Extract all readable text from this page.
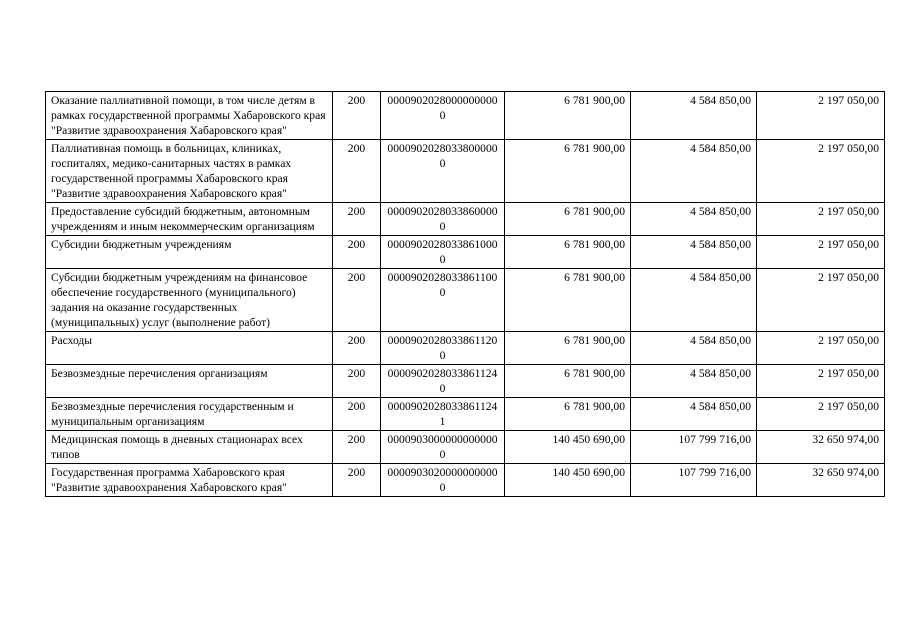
Оказание паллиативной помощи, в том числе детям в рамках государственной программы Хабаровского края "Развитие здравоохранения Хабаровского края"	200	00009020280000000000	6 781 900,00	4 584 850,00	2 197 050,00
Паллиативная помощь в больницах, клиниках, госпиталях, медико-санитарных частях в рамках государственной программы Хабаровского края "Развитие здравоохранения Хабаровского края"	200	00009020280338000000	6 781 900,00	4 584 850,00	2 197 050,00
Предоставление субсидий бюджетным, автономным учреждениям и иным некоммерческим организациям	200	00009020280338600000	6 781 900,00	4 584 850,00	2 197 050,00
Субсидии бюджетным учреждениям	200	00009020280338610000	6 781 900,00	4 584 850,00	2 197 050,00
Субсидии бюджетным учреждениям на финансовое обеспечение государственного (муниципального) задания на оказание государственных (муниципальных) услуг (выполнение работ)	200	00009020280338611000	6 781 900,00	4 584 850,00	2 197 050,00
Расходы	200	00009020280338611200	6 781 900,00	4 584 850,00	2 197 050,00
Безвозмездные перечисления организациям	200	00009020280338611240	6 781 900,00	4 584 850,00	2 197 050,00
Безвозмездные перечисления государственным и муниципальным организациям	200	00009020280338611241	6 781 900,00	4 584 850,00	2 197 050,00
Медицинская помощь в дневных стационарах всех типов	200	00009030000000000000	140 450 690,00	107 799 716,00	32 650 974,00
Государственная программа Хабаровского края "Развитие здравоохранения Хабаровского края"	200	00009030200000000000	140 450 690,00	107 799 716,00	32 650 974,00
